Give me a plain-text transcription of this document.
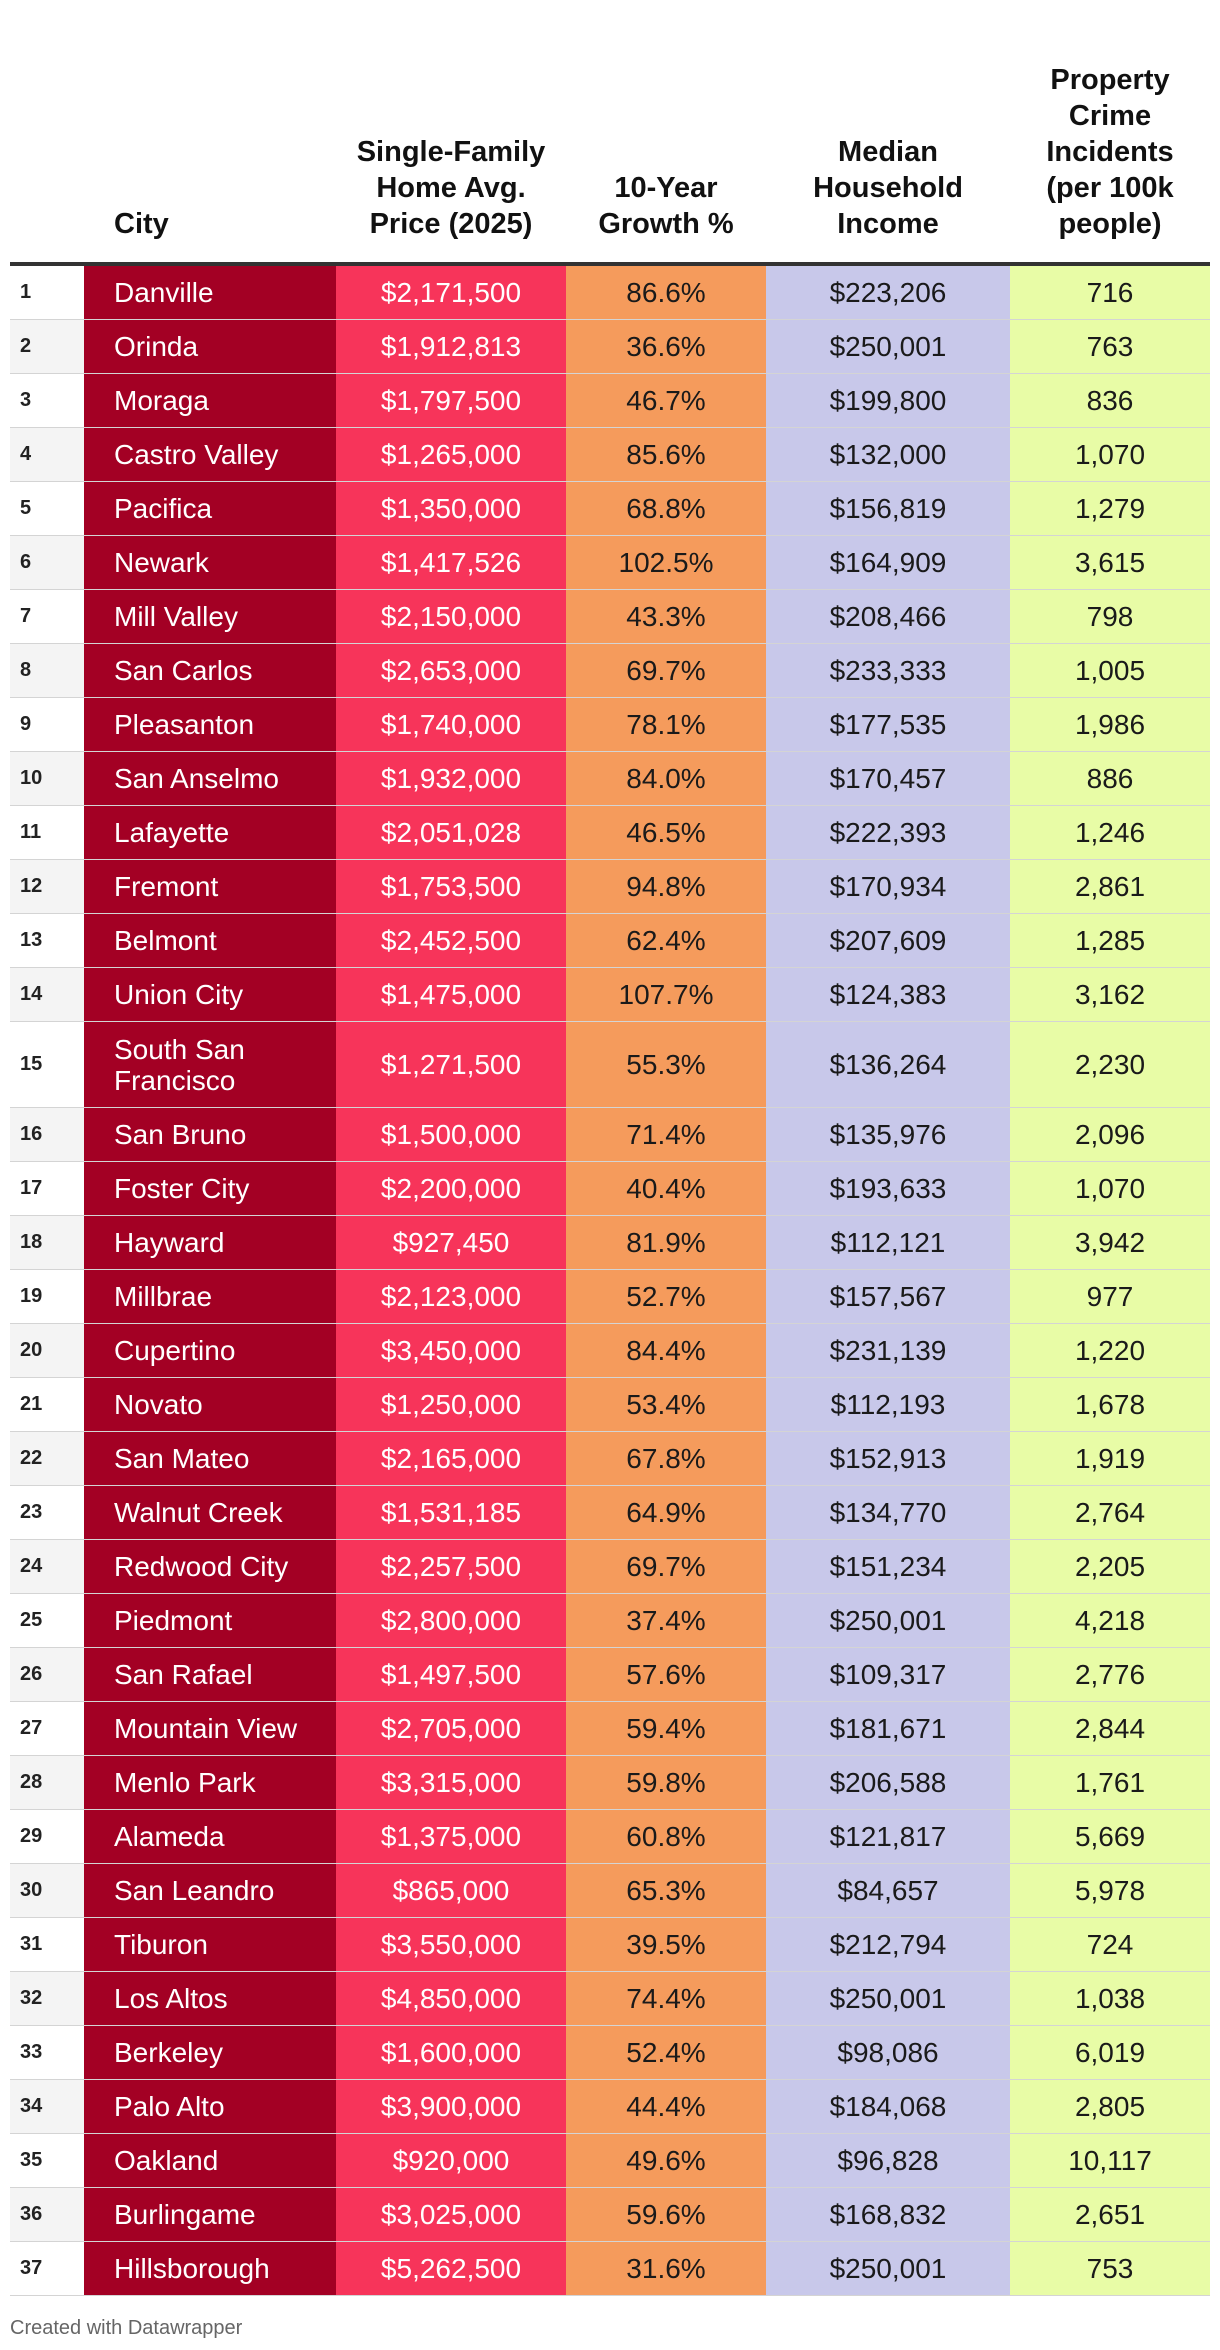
	City	Single-Family Home Avg. Price (2025)	10-Year Growth %	Median Household Income	Property Crime Incidents (per 100k people)
1	Danville	$2,171,500	86.6%	$223,206	716
2	Orinda	$1,912,813	36.6%	$250,001	763
3	Moraga	$1,797,500	46.7%	$199,800	836
4	Castro Valley	$1,265,000	85.6%	$132,000	1,070
5	Pacifica	$1,350,000	68.8%	$156,819	1,279
6	Newark	$1,417,526	102.5%	$164,909	3,615
7	Mill Valley	$2,150,000	43.3%	$208,466	798
8	San Carlos	$2,653,000	69.7%	$233,333	1,005
9	Pleasanton	$1,740,000	78.1%	$177,535	1,986
10	San Anselmo	$1,932,000	84.0%	$170,457	886
11	Lafayette	$2,051,028	46.5%	$222,393	1,246
12	Fremont	$1,753,500	94.8%	$170,934	2,861
13	Belmont	$2,452,500	62.4%	$207,609	1,285
14	Union City	$1,475,000	107.7%	$124,383	3,162
15	South San Francisco	$1,271,500	55.3%	$136,264	2,230
16	San Bruno	$1,500,000	71.4%	$135,976	2,096
17	Foster City	$2,200,000	40.4%	$193,633	1,070
18	Hayward	$927,450	81.9%	$112,121	3,942
19	Millbrae	$2,123,000	52.7%	$157,567	977
20	Cupertino	$3,450,000	84.4%	$231,139	1,220
21	Novato	$1,250,000	53.4%	$112,193	1,678
22	San Mateo	$2,165,000	67.8%	$152,913	1,919
23	Walnut Creek	$1,531,185	64.9%	$134,770	2,764
24	Redwood City	$2,257,500	69.7%	$151,234	2,205
25	Piedmont	$2,800,000	37.4%	$250,001	4,218
26	San Rafael	$1,497,500	57.6%	$109,317	2,776
27	Mountain View	$2,705,000	59.4%	$181,671	2,844
28	Menlo Park	$3,315,000	59.8%	$206,588	1,761
29	Alameda	$1,375,000	60.8%	$121,817	5,669
30	San Leandro	$865,000	65.3%	$84,657	5,978
31	Tiburon	$3,550,000	39.5%	$212,794	724
32	Los Altos	$4,850,000	74.4%	$250,001	1,038
33	Berkeley	$1,600,000	52.4%	$98,086	6,019
34	Palo Alto	$3,900,000	44.4%	$184,068	2,805
35	Oakland	$920,000	49.6%	$96,828	10,117
36	Burlingame	$3,025,000	59.6%	$168,832	2,651
37	Hillsborough	$5,262,500	31.6%	$250,001	753
Created with Datawrapper
